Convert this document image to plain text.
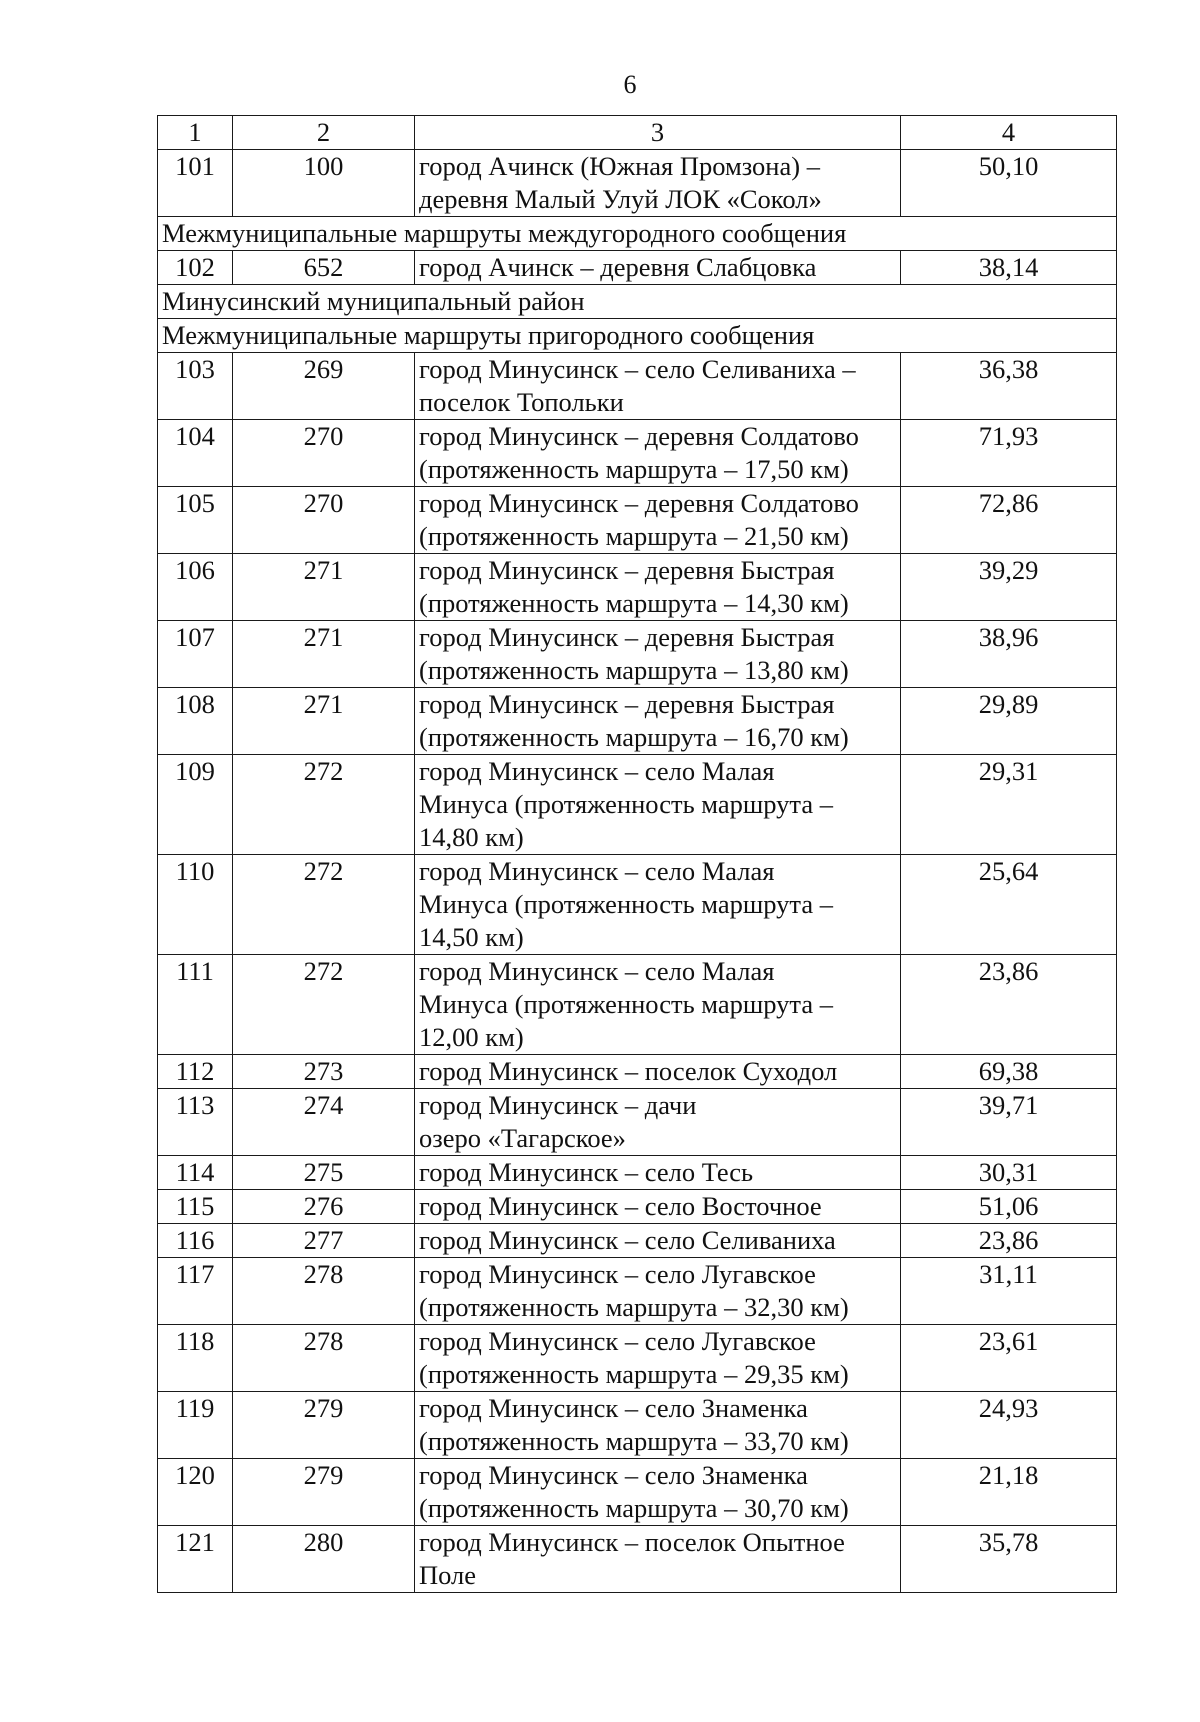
6
1	2	3	4
101	100	город Ачинск (Южная Промзона) –
деревня Малый Улуй ЛОК «Сокол»	50,10
Межмуниципальные маршруты междугородного сообщения			
102	652	город Ачинск – деревня Слабцовка	38,14
Минусинский муниципальный район			
Межмуниципальные маршруты пригородного сообщения			
103	269	город Минусинск – село Селиваниха –
поселок Топольки	36,38
104	270	город Минусинск – деревня Солдатово
(протяженность маршрута – 17,50 км)	71,93
105	270	город Минусинск – деревня Солдатово
(протяженность маршрута – 21,50 км)	72,86
106	271	город Минусинск – деревня Быстрая
(протяженность маршрута – 14,30 км)	39,29
107	271	город Минусинск – деревня Быстрая
(протяженность маршрута – 13,80 км)	38,96
108	271	город Минусинск – деревня Быстрая
(протяженность маршрута – 16,70 км)	29,89
109	272	город Минусинск – село Малая
Минуса (протяженность маршрута –
14,80 км)	29,31
110	272	город Минусинск – село Малая
Минуса (протяженность маршрута –
14,50 км)	25,64
111	272	город Минусинск – село Малая
Минуса (протяженность маршрута –
12,00 км)	23,86
112	273	город Минусинск – поселок Суходол	69,38
113	274	город Минусинск – дачи
озеро «Тагарское»	39,71
114	275	город Минусинск – село Тесь	30,31
115	276	город Минусинск – село Восточное	51,06
116	277	город Минусинск – село Селиваниха	23,86
117	278	город Минусинск – село Лугавское
(протяженность маршрута – 32,30 км)	31,11
118	278	город Минусинск – село Лугавское
(протяженность маршрута – 29,35 км)	23,61
119	279	город Минусинск – село Знаменка
(протяженность маршрута – 33,70 км)	24,93
120	279	город Минусинск – село Знаменка
(протяженность маршрута – 30,70 км)	21,18
121	280	город Минусинск – поселок Опытное
Поле	35,78
